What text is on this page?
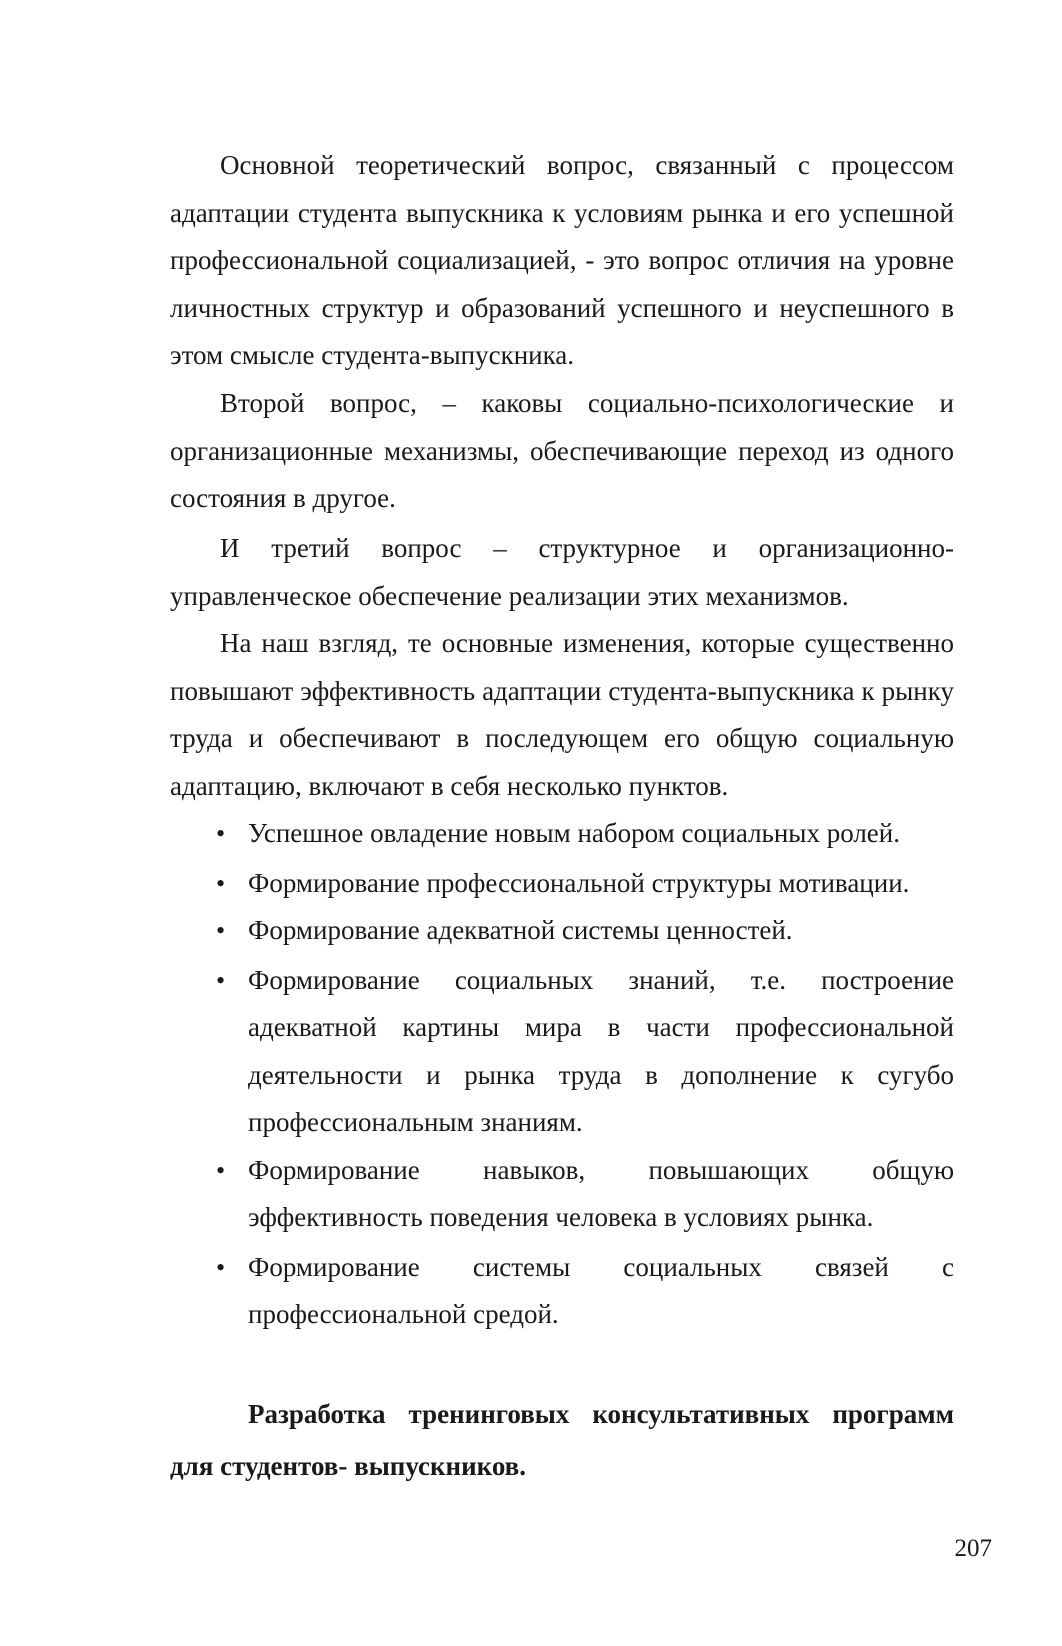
Основной теоретический вопрос, связанный с процессом адаптации студента выпускника к условиям рынка и его успешной профессиональной социализацией, - это вопрос отличия на уровне личностных структур и образований успешного и неуспешного в этом смысле студента-выпускника.

Второй вопрос, – каковы социально-психологические и организационные механизмы, обеспечивающие переход из одного состояния в другое.

И третий вопрос – структурное и организационно-управленческое обеспечение реализации этих механизмов.

На наш взгляд, те основные изменения, которые существенно повышают эффективность адаптации студента-выпускника к рынку труда и обеспечивают в последующем его общую социальную адаптацию, включают в себя несколько пунктов.

• Успешное овладение новым набором социальных ролей.
• Формирование профессиональной структуры мотивации.
• Формирование адекватной системы ценностей.
• Формирование социальных знаний, т.е. построение адекватной картины мира в части профессиональной деятельности и рынка труда в дополнение к сугубо профессиональным знаниям.
• Формирование навыков, повышающих общую эффективность поведения человека в условиях рынка.
• Формирование системы социальных связей с профессиональной средой.

Разработка тренинговых консультативных программ для студентов- выпускников.

207
